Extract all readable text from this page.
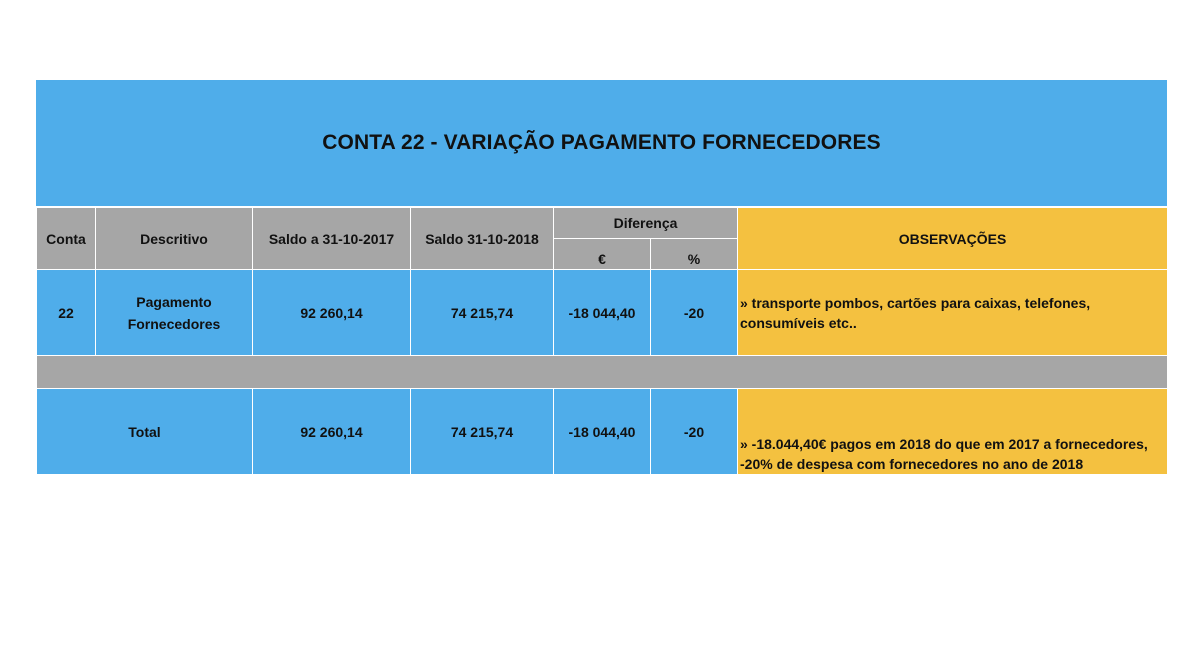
CONTA 22 - VARIAÇÃO PAGAMENTO FORNECEDORES
Conta	Descritivo	Saldo a 31-10-2017	Saldo 31-10-2018	Diferença		OBSERVAÇÕES
				€	%	
22	Pagamento Fornecedores	92 260,14	74 215,74	-18 044,40	-20	» transporte pombos, cartões para caixas, telefones, consumíveis etc..

Total		92 260,14	74 215,74	-18 044,40	-20	» -18.044,40€ pagos em 2018 do que em 2017 a fornecedores, -20% de despesa com fornecedores no ano de 2018
